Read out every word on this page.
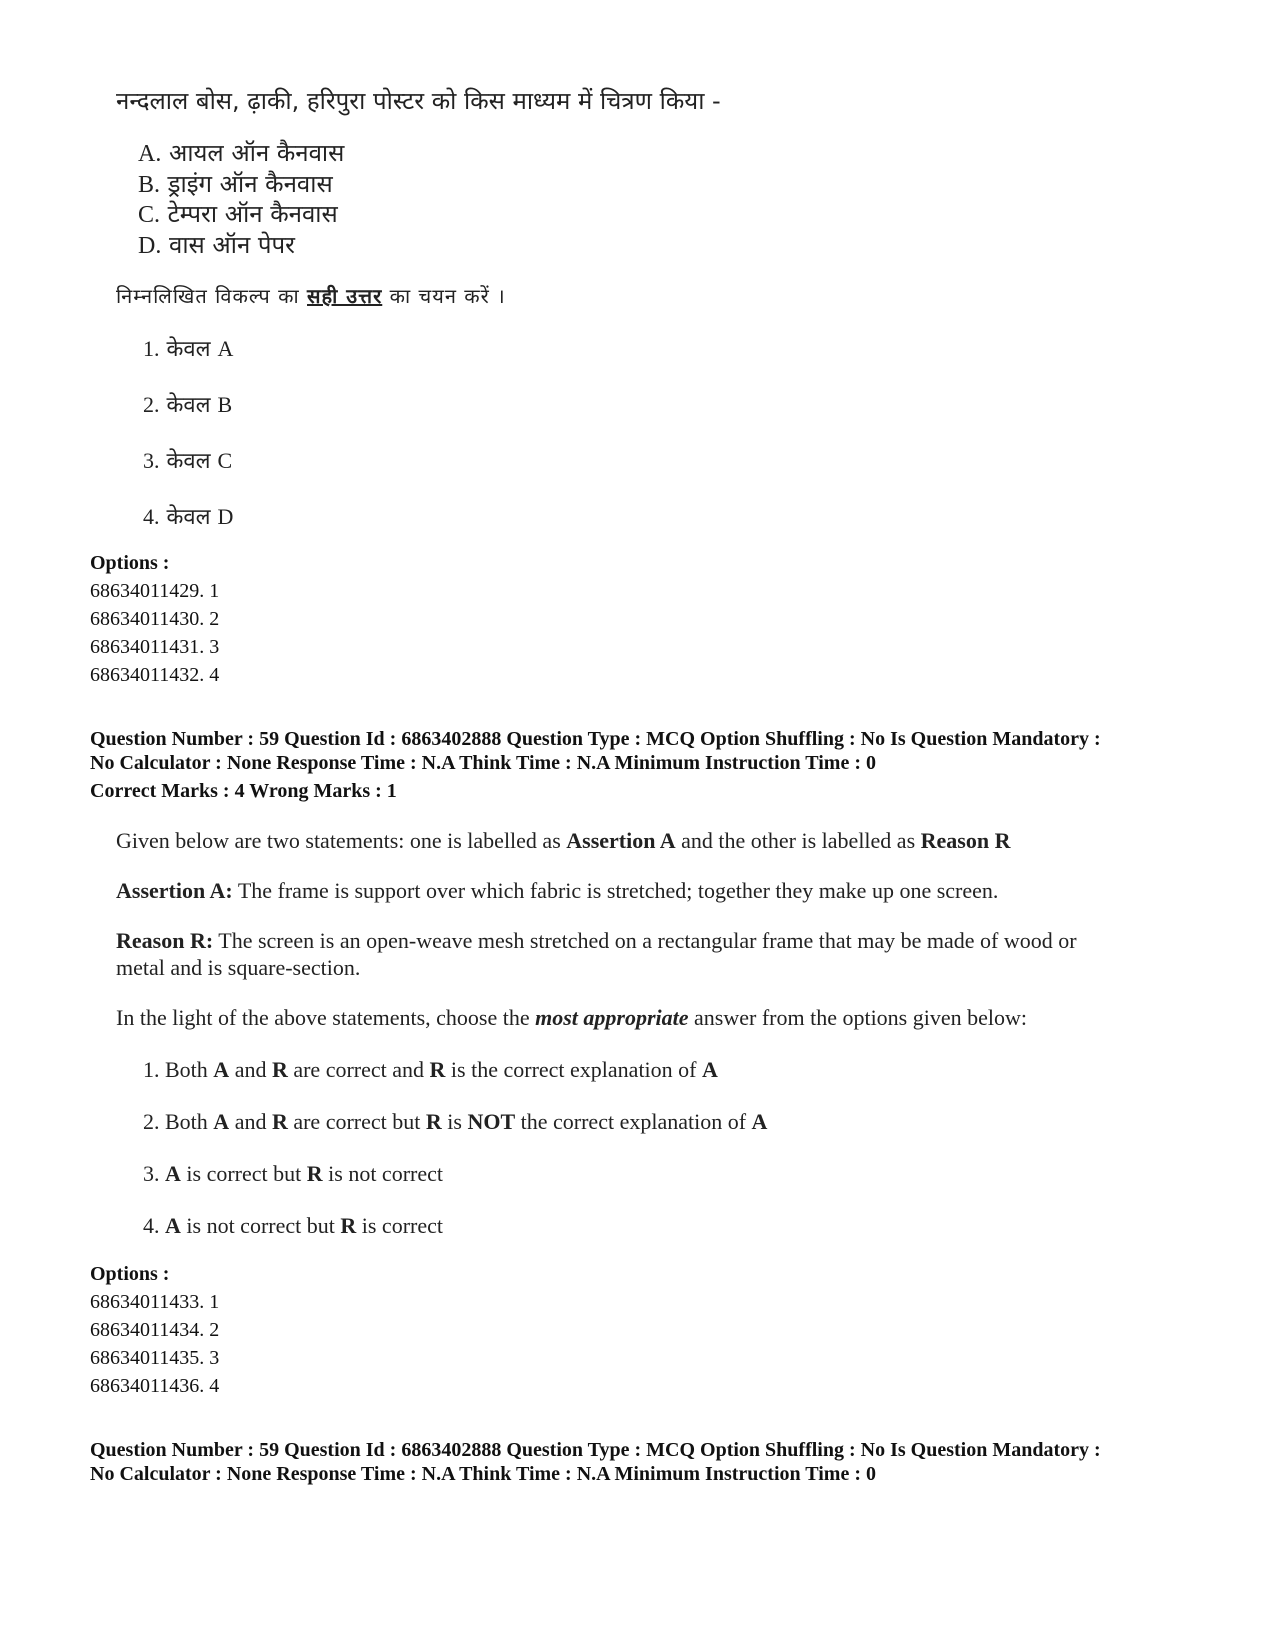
नन्दलाल बोस, ढ़ाकी, हरिपुरा पोस्टर को किस माध्यम में चित्रण किया -
A. आयल ऑन कैनवास
B. ड्राइंग ऑन कैनवास
C. टेम्परा ऑन कैनवास
D. वास ऑन पेपर
निम्नलिखित विकल्प का सही उत्तर का चयन करें ।
1. केवल A
2. केवल B
3. केवल C
4. केवल D
Options :
68634011429. 1
68634011430. 2
68634011431. 3
68634011432. 4
Question Number : 59 Question Id : 6863402888 Question Type : MCQ Option Shuffling : No Is Question Mandatory :
No Calculator : None Response Time : N.A Think Time : N.A Minimum Instruction Time : 0
Correct Marks : 4 Wrong Marks : 1
Given below are two statements: one is labelled as Assertion A and the other is labelled as Reason R
Assertion A: The frame is support over which fabric is stretched; together they make up one screen.
Reason R: The screen is an open-weave mesh stretched on a rectangular frame that may be made of wood or
metal and is square-section.
In the light of the above statements, choose the most appropriate answer from the options given below:
1. Both A and R are correct and R is the correct explanation of A
2. Both A and R are correct but R is NOT the correct explanation of A
3. A is correct but R is not correct
4. A is not correct but R is correct
Options :
68634011433. 1
68634011434. 2
68634011435. 3
68634011436. 4
Question Number : 59 Question Id : 6863402888 Question Type : MCQ Option Shuffling : No Is Question Mandatory :
No Calculator : None Response Time : N.A Think Time : N.A Minimum Instruction Time : 0
